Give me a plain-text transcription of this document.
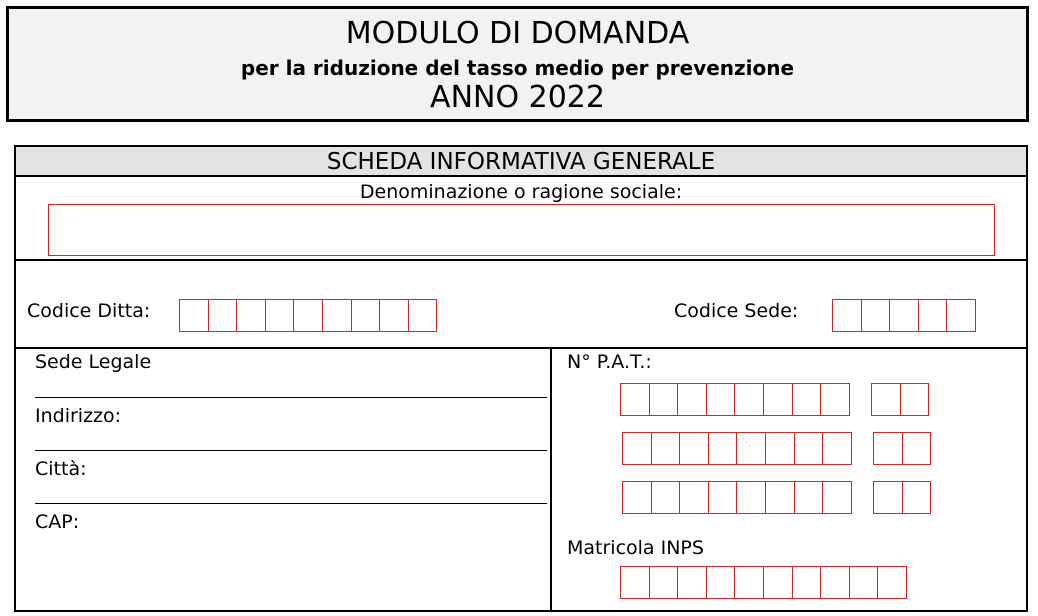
MODULO DI DOMANDA
per la riduzione del tasso medio per prevenzione
ANNO 2022
SCHEDA INFORMATIVA GENERALE
Denominazione o ragione sociale:
Codice Ditta:	Codice Sede:
Sede Legale
Indirizzo:
Città:
CAP:
N° P.A.T.:
Matricola INPS
